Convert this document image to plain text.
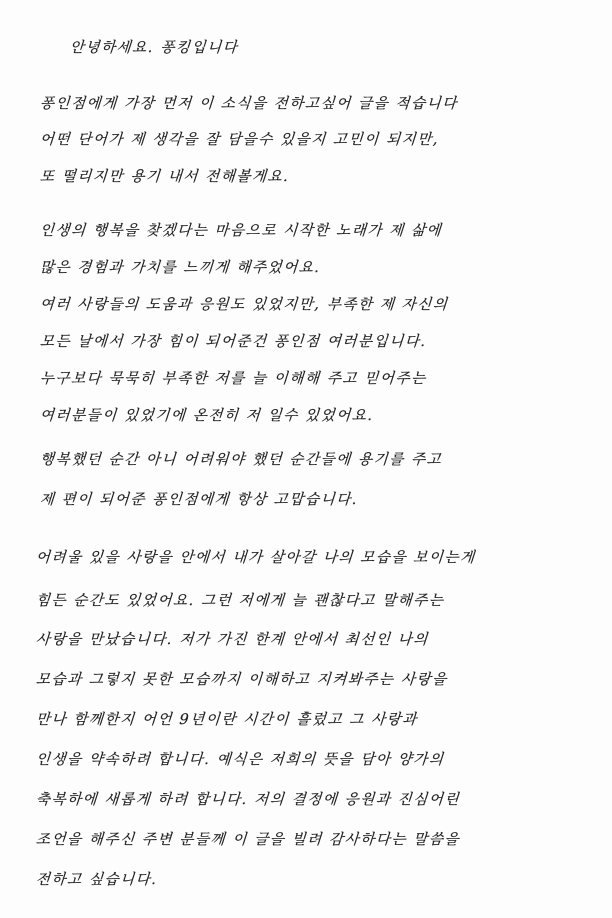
안녕하세요. 퐁킹입니다
퐁인점에게 가장 먼저 이 소식을 전하고싶어 글을 적습니다
어떤 단어가 제 생각을 잘 담을수 있을지 고민이 되지만,
또 떨리지만 용기 내서 전해볼게요.
인생의 행복을 찾겠다는 마음으로 시작한 노래가 제 삶에
많은 경험과 가치를 느끼게 해주었어요.
여러 사랑들의 도움과 응원도 있었지만, 부족한 제 자신의
모든 날에서 가장 힘이 되어준건 퐁인점 여러분입니다.
누구보다 묵묵히 부족한 저를 늘 이해해 주고 믿어주는
여러분들이 있었기에 온전히 저 일수 있었어요.
행복했던 순간 아니 어려워야 했던 순간들에 용기를 주고
제 편이 되어준 퐁인점에게 항상 고맙습니다.
어려울 있을 사랑을 안에서 내가 살아갈 나의 모습을 보이는게
힘든 순간도 있었어요. 그런 저에게 늘 괜찮다고 말해주는
사랑을 만났습니다. 저가 가진 한계 안에서 최선인 나의
모습과 그렇지 못한 모습까지 이해하고 지켜봐주는 사랑을
만나 함께한지 어언 9년이란 시간이 흘렀고 그 사랑과
인생을 약속하려 합니다. 예식은 저희의 뜻을 담아 양가의
축복하에 새롭게 하려 합니다. 저의 결정에 응원과 진심어린
조언을 해주신 주변 분들께 이 글을 빌려 감사하다는 말씀을
전하고 싶습니다.
